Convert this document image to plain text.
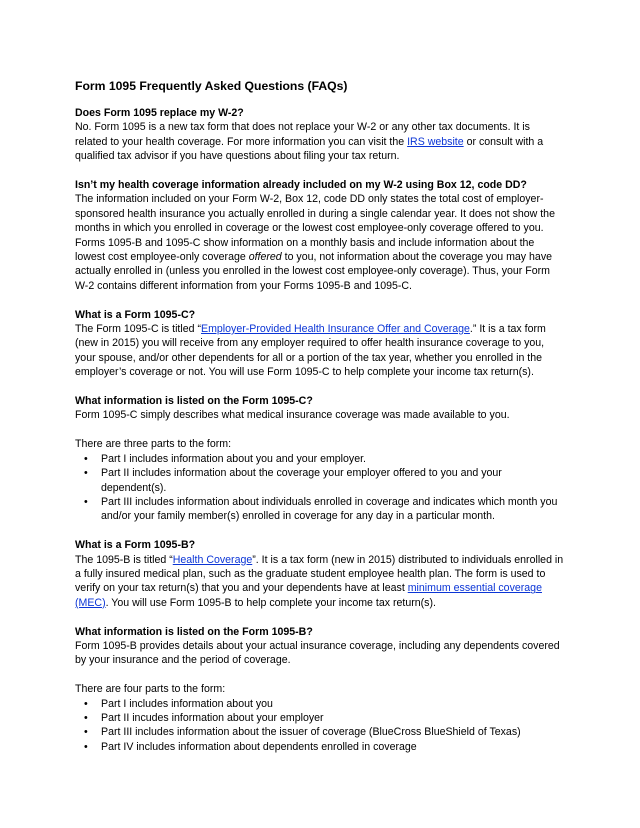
Form 1095 Frequently Asked Questions (FAQs)
Does Form 1095 replace my W-2?

No. Form 1095 is a new tax form that does not replace your W-2 or any other tax documents. It is related to your health coverage. For more information you can visit the IRS website or consult with a qualified tax advisor if you have questions about filing your tax return.

Isn’t my health coverage information already included on my W-2 using Box 12, code DD?

The information included on your Form W-2, Box 12, code DD only states the total cost of employer-sponsored health insurance you actually enrolled in during a single calendar year. It does not show the months in which you enrolled in coverage or the lowest cost employee-only coverage offered to you. Forms 1095-B and 1095-C show information on a monthly basis and include information about the lowest cost employee-only coverage offered to you, not information about the coverage you may have actually enrolled in (unless you enrolled in the lowest cost employee-only coverage). Thus, your Form W-2 contains different information from your Forms 1095-B and 1095-C.

What is a Form 1095-C?

The Form 1095-C is titled “Employer-Provided Health Insurance Offer and Coverage.” It is a tax form (new in 2015) you will receive from any employer required to offer health insurance coverage to you, your spouse, and/or other dependents for all or a portion of the tax year, whether you enrolled in the employer’s coverage or not. You will use Form 1095-C to help complete your income tax return(s).

What information is listed on the Form 1095-C?

Form 1095-C simply describes what medical insurance coverage was made available to you.

There are three parts to the form:

• Part I includes information about you and your employer.
• Part II includes information about the coverage your employer offered to you and your dependent(s).
• Part III includes information about individuals enrolled in coverage and indicates which month you and/or your family member(s) enrolled in coverage for any day in a particular month.
What is a Form 1095-B?

The 1095-B is titled “Health Coverage”. It is a tax form (new in 2015) distributed to individuals enrolled in a fully insured medical plan, such as the graduate student employee health plan. The form is used to verify on your tax return(s) that you and your dependents have at least minimum essential coverage (MEC). You will use Form 1095-B to help complete your income tax return(s).

What information is listed on the Form 1095-B?

Form 1095-B provides details about your actual insurance coverage, including any dependents covered by your insurance and the period of coverage.

There are four parts to the form:

• Part I includes information about you
• Part II incudes information about your employer
• Part III includes information about the issuer of coverage (BlueCross BlueShield of Texas)
• Part IV includes information about dependents enrolled in coverage
